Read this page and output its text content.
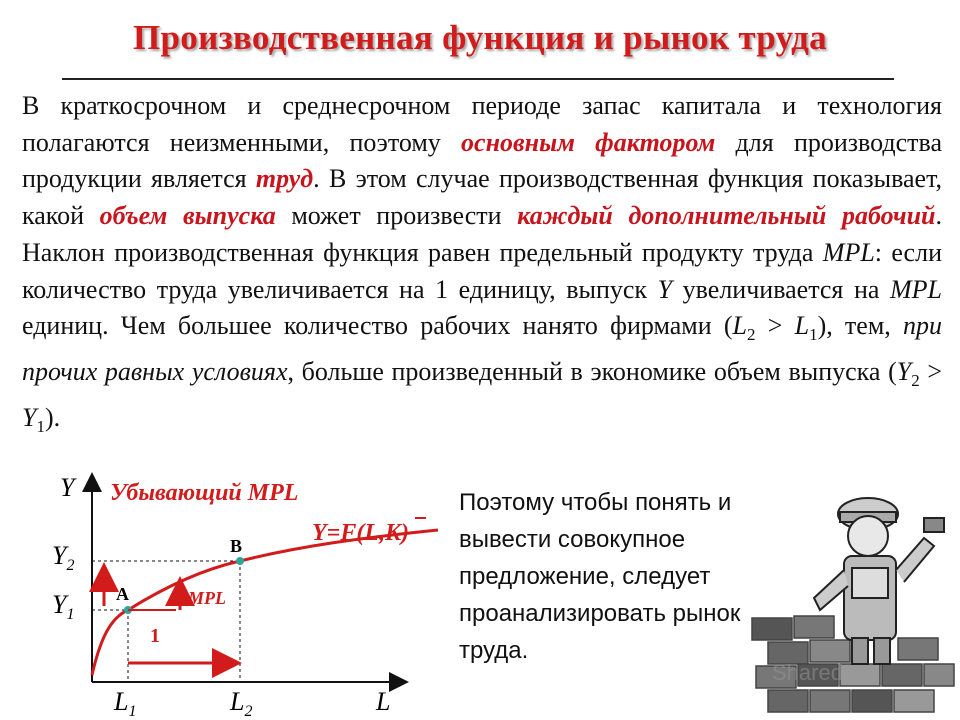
Производственная функция и рынок труда
В краткосрочном и среднесрочном периоде запас капитала и технология полагаются неизменными, поэтому основным фактором для производства продукции является труд. В этом случае производственная функция показывает, какой объем выпуска может произвести каждый дополнительный рабочий. Наклон производственная функция равен предельный продукту труда MPL: если количество труда увеличивается на 1 единицу, выпуск Y увеличивается на MPL единиц. Чем большее количество рабочих нанято фирмами $(L_2 > L_1)$, тем, при прочих равных условиях, больше произведенный в экономике объем выпуска $(Y_2 > Y_1)$.
Убывающий MPL
Y=F(L,K)
Y
L
$Y_2$
$Y_1$
$L_1$	$L_2$
A
B
MPL
1
Поэтому чтобы понять и вывести совокупное предложение, следует проанализировать рынок труда.
Shared
